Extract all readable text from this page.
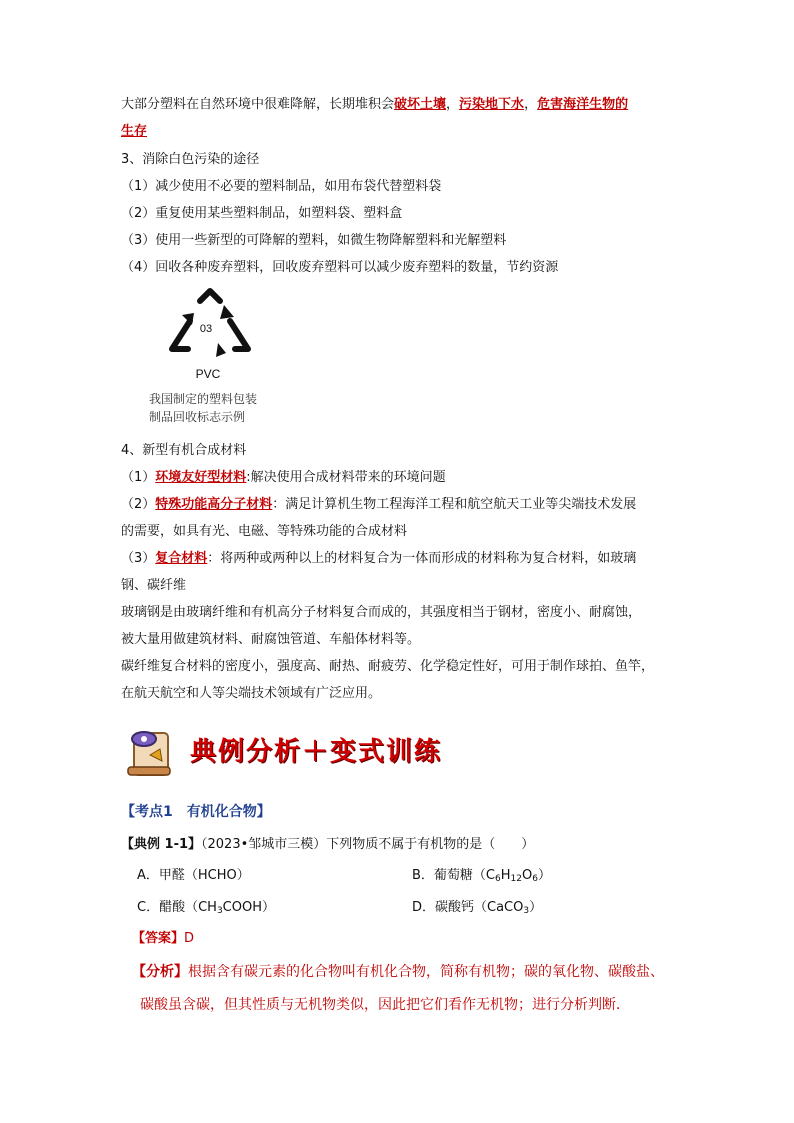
大部分塑料在自然环境中很难降解，长期堆积会破坏土壤，污染地下水，危害海洋生物的
生存
3、消除白色污染的途径
（1）减少使用不必要的塑料制品，如用布袋代替塑料袋
（2）重复使用某些塑料制品，如塑料袋、塑料盒
（3）使用一些新型的可降解的塑料，如微生物降解塑料和光解塑料
（4）回收各种废弃塑料，回收废弃塑料可以减少废弃塑料的数量，节约资源
03
PVC
我国制定的塑料包装
制品回收标志示例
4、新型有机合成材料
（1）环境友好型材料:解决使用合成材料带来的环境问题
（2）特殊功能高分子材料：满足计算机生物工程海洋工程和航空航天工业等尖端技术发展
的需要，如具有光、电磁、等特殊功能的合成材料
（3）复合材料：将两种或两种以上的材料复合为一体而形成的材料称为复合材料，如玻璃
钢、碳纤维
玻璃钢是由玻璃纤维和有机高分子材料复合而成的，其强度相当于钢材，密度小、耐腐蚀，
被大量用做建筑材料、耐腐蚀管道、车船体材料等。
碳纤维复合材料的密度小，强度高、耐热、耐疲劳、化学稳定性好，可用于制作球拍、鱼竿，
在航天航空和人等尖端技术领域有广泛应用。
典例分析＋变式训练
【考点1　有机化合物】
【典例 1-1】（2023•邹城市三模）下列物质不属于有机物的是（　　）
A．甲醛（HCHO）	B．葡萄糖$(C_6H_{12}O_6)$
C．醋酸$(CH_3COOH)$	D．碳酸钙（CaCO$_3$）
【答案】D
【分析】根据含有碳元素的化合物叫有机化合物，简称有机物；碳的氧化物、碳酸盐、
碳酸虽含碳，但其性质与无机物类似，因此把它们看作无机物；进行分析判断．
